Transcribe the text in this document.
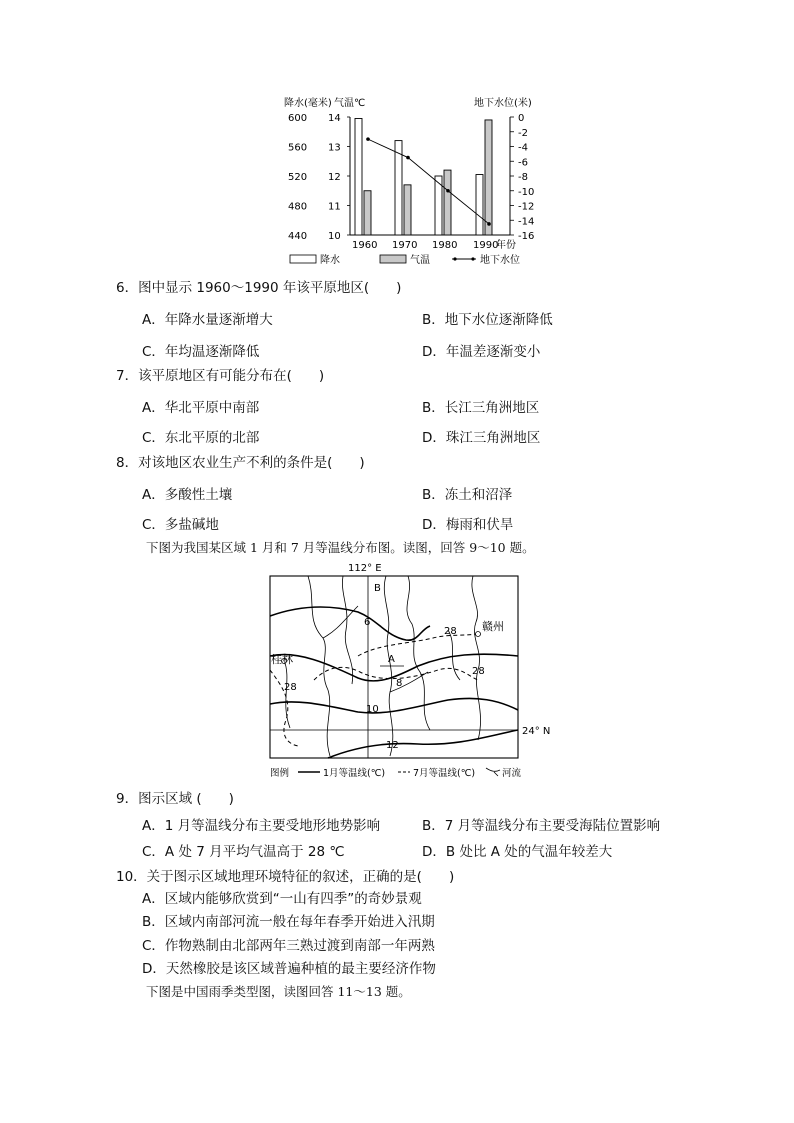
降水(毫米) 气温℃	地下水位(米)
600
560
520
480
440
14
13
12
11
10
0
-2
-4
-6
-8
-10
-12
-14
-16
1960 1970 1980 1990
年份
降水	气温	地下水位
6．图中显示 1960～1990 年该平原地区(　　)
A．年降水量逐渐增大	B．地下水位逐渐降低
C．年均温逐渐降低	D．年温差逐渐变小
7．该平原地区有可能分布在(　　)
A．华北平原中南部	B．长江三角洲地区
C．东北平原的北部	D．珠江三角洲地区
8．对该地区农业生产不利的条件是(　　)
A．多酸性土壤	B．冻土和沼泽
C．多盐碱地	D．梅雨和伏旱
下图为我国某区域 1 月和 7 月等温线分布图。读图，回答 9～10 题。
112° E
24° N
B
A
赣州
桂林
6
8
10
12
28
28
28
图例	1月等温线(℃)	7月等温线(℃)	河流
9．图示区域 (　　)
A．1 月等温线分布主要受地形地势影响	B．7 月等温线分布主要受海陆位置影响
C．A 处 7 月平均气温高于 28 ℃	D．B 处比 A 处的气温年较差大
10．关于图示区域地理环境特征的叙述，正确的是(　　)
A．区域内能够欣赏到“一山有四季”的奇妙景观
B．区域内南部河流一般在每年春季开始进入汛期
C．作物熟制由北部两年三熟过渡到南部一年两熟
D．天然橡胶是该区域普遍种植的最主要经济作物
下图是中国雨季类型图，读图回答 11～13 题。
